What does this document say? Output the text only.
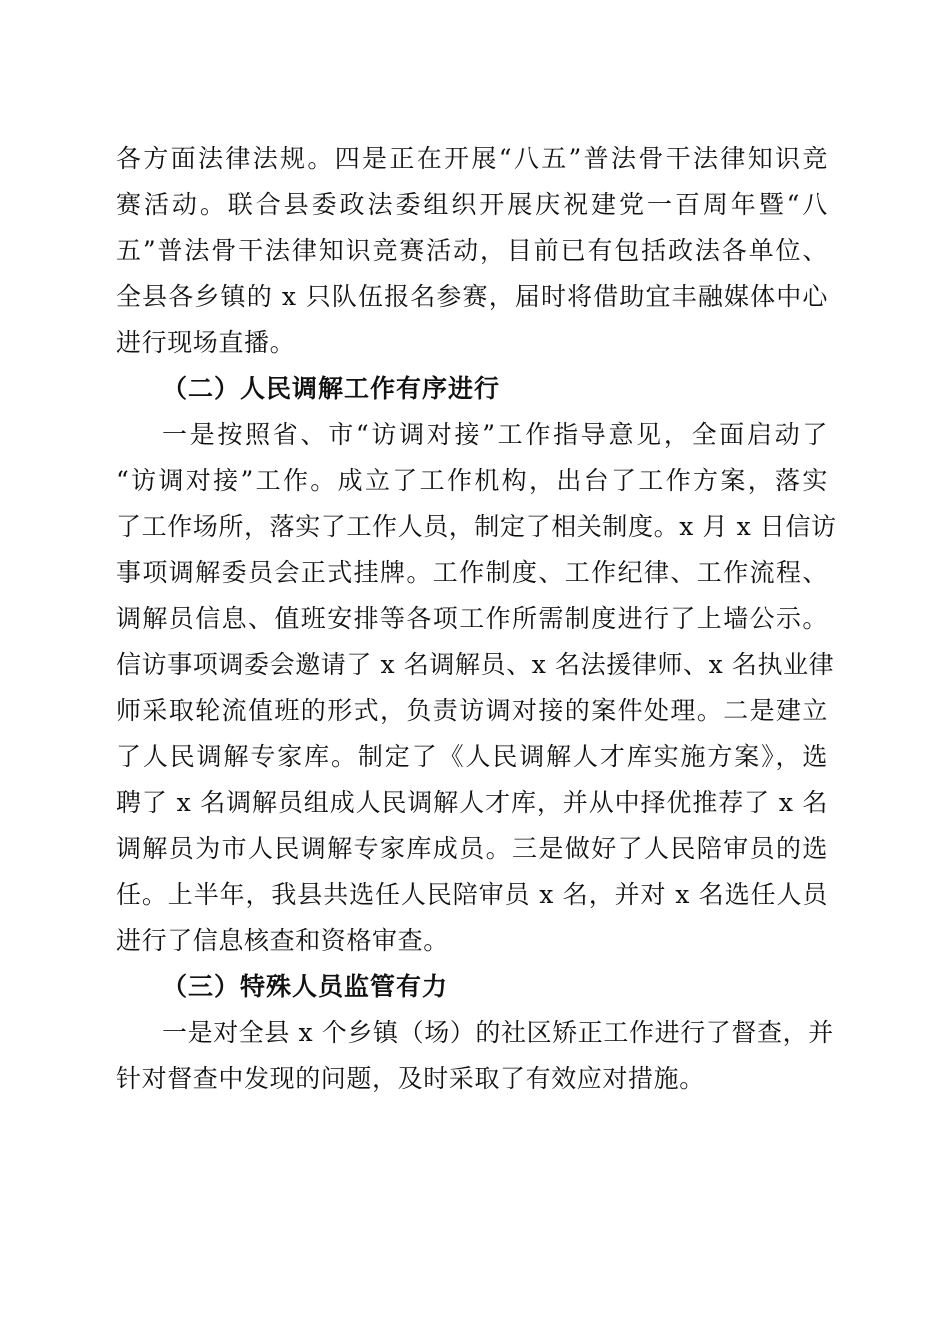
各方面法律法规。四是正在开展“八五”普法骨干法律知识竞
赛活动。联合县委政法委组织开展庆祝建党一百周年暨“八
五”普法骨干法律知识竞赛活动，目前已有包括政法各单位、
全县各乡镇的 x 只队伍报名参赛，届时将借助宜丰融媒体中心
进行现场直播。
（二）人民调解工作有序进行
一是按照省、市“访调对接”工作指导意见，全面启动了
“访调对接”工作。成立了工作机构，出台了工作方案，落实
了工作场所，落实了工作人员，制定了相关制度。x 月 x 日信访
事项调解委员会正式挂牌。工作制度、工作纪律、工作流程、
调解员信息、值班安排等各项工作所需制度进行了上墙公示。
信访事项调委会邀请了 x 名调解员、x 名法援律师、x 名执业律
师采取轮流值班的形式，负责访调对接的案件处理。二是建立
了人民调解专家库。制定了《人民调解人才库实施方案》，选
聘了 x 名调解员组成人民调解人才库，并从中择优推荐了 x 名
调解员为市人民调解专家库成员。三是做好了人民陪审员的选
任。上半年，我县共选任人民陪审员 x 名，并对 x 名选任人员
进行了信息核查和资格审查。
（三）特殊人员监管有力
一是对全县 x 个乡镇（场）的社区矫正工作进行了督查，并
针对督查中发现的问题，及时采取了有效应对措施。
